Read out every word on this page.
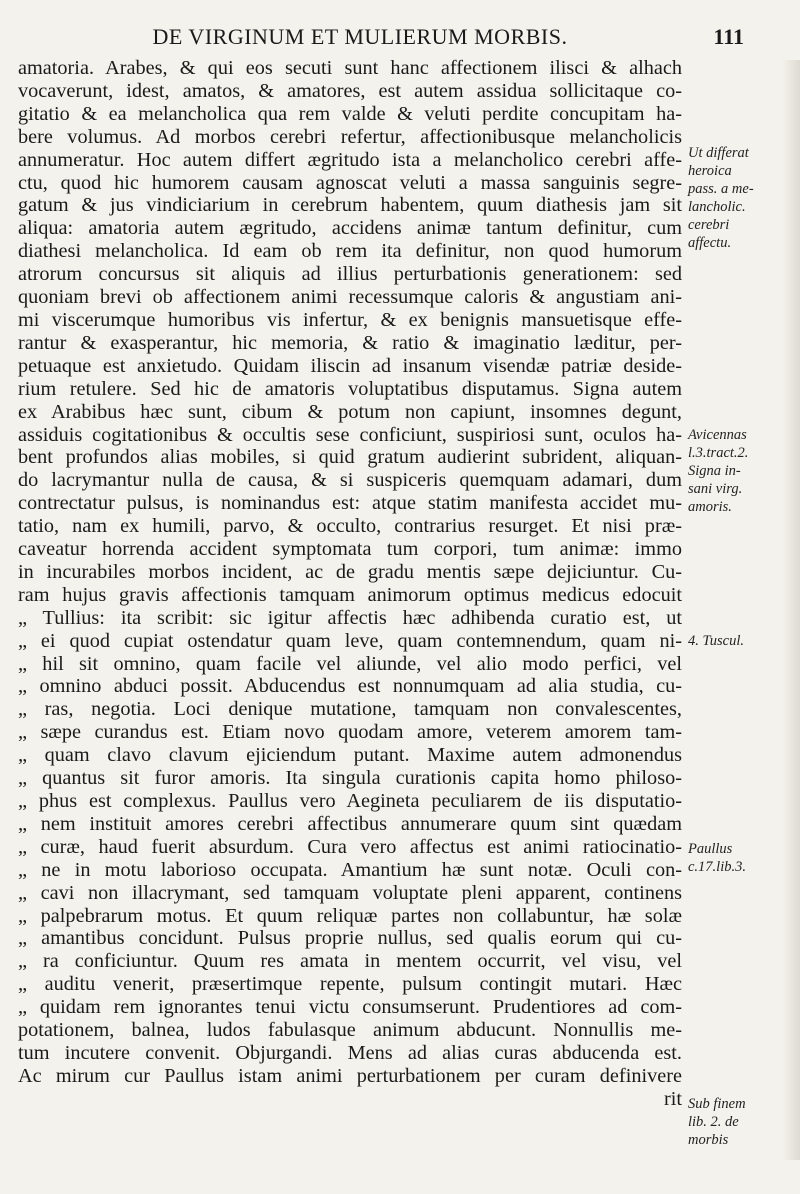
DE VIRGINUM ET MULIERUM MORBIS.	111
amatoria. Arabes, & qui eos secuti sunt hanc affectionem ilisci & alhach
vocaverunt, idest, amatos, & amatores, est autem assidua sollicitaque co-
gitatio & ea melancholica qua rem valde & veluti perdite concupitam ha-
bere volumus. Ad morbos cerebri refertur, affectionibusque melancholicis
annumeratur. Hoc autem differt ægritudo ista a melancholico cerebri affe-
ctu, quod hic humorem causam agnoscat veluti a massa sanguinis segre-
gatum & jus vindiciarium in cerebrum habentem, quum diathesis jam sit
aliqua: amatoria autem ægritudo, accidens animæ tantum definitur, cum
diathesi melancholica. Id eam ob rem ita definitur, non quod humorum
atrorum concursus sit aliquis ad illius perturbationis generationem: sed
quoniam brevi ob affectionem animi recessumque caloris & angustiam ani-
mi viscerumque humoribus vis infertur, & ex benignis mansuetisque effe-
rantur & exasperantur, hic memoria, & ratio & imaginatio læditur, per-
petuaque est anxietudo. Quidam iliscin ad insanum visendæ patriæ deside-
rium retulere. Sed hic de amatoris voluptatibus disputamus. Signa autem
ex Arabibus hæc sunt, cibum & potum non capiunt, insomnes degunt,
assiduis cogitationibus & occultis sese conficiunt, suspiriosi sunt, oculos ha-
bent profundos alias mobiles, si quid gratum audierint subrident, aliquan-
do lacrymantur nulla de causa, & si suspiceris quemquam adamari, dum
contrectatur pulsus, is nominandus est: atque statim manifesta accidet mu-
tatio, nam ex humili, parvo, & occulto, contrarius resurget. Et nisi præ-
caveatur horrenda accident symptomata tum corpori, tum animæ: immo
in incurabiles morbos incident, ac de gradu mentis sæpe dejiciuntur. Cu-
ram hujus gravis affectionis tamquam animorum optimus medicus edocuit
„ Tullius: ita scribit: sic igitur affectis hæc adhibenda curatio est, ut
„ ei quod cupiat ostendatur quam leve, quam contemnendum, quam ni-
„ hil sit omnino, quam facile vel aliunde, vel alio modo perfici, vel
„ omnino abduci possit. Abducendus est nonnumquam ad alia studia, cu-
„ ras, negotia. Loci denique mutatione, tamquam non convalescentes,
„ sæpe curandus est. Etiam novo quodam amore, veterem amorem tam-
„ quam clavo clavum ejiciendum putant. Maxime autem admonendus
„ quantus sit furor amoris. Ita singula curationis capita homo philoso-
„ phus est complexus. Paullus vero Aegineta peculiarem de iis disputatio-
„ nem instituit amores cerebri affectibus annumerare quum sint quædam
„ curæ, haud fuerit absurdum. Cura vero affectus est animi ratiocinatio-
„ ne in motu laborioso occupata. Amantium hæ sunt notæ. Oculi con-
„ cavi non illacrymant, sed tamquam voluptate pleni apparent, continens
„ palpebrarum motus. Et quum reliquæ partes non collabuntur, hæ solæ
„ amantibus concidunt. Pulsus proprie nullus, sed qualis eorum qui cu-
„ ra conficiuntur. Quum res amata in mentem occurrit, vel visu, vel
„ auditu venerit, præsertimque repente, pulsum contingit mutari. Hæc
„ quidam rem ignorantes tenui victu consumserunt. Prudentiores ad com-
potationem, balnea, ludos fabulasque animum abducunt. Nonnullis me-
tum incutere convenit. Objurgandi. Mens ad alias curas abducenda est.
Ac mirum cur Paullus istam animi perturbationem per curam definivere
rit
Ut differat
heroica
pass. a me-
lancholic.
cerebri
affectu.
Avicennas
l.3.tract.2.
Signa in-
sani virg.
amoris.
4. Tuscul.
Paullus
c.17.lib.3.
Sub finem
lib. 2. de
morbis
